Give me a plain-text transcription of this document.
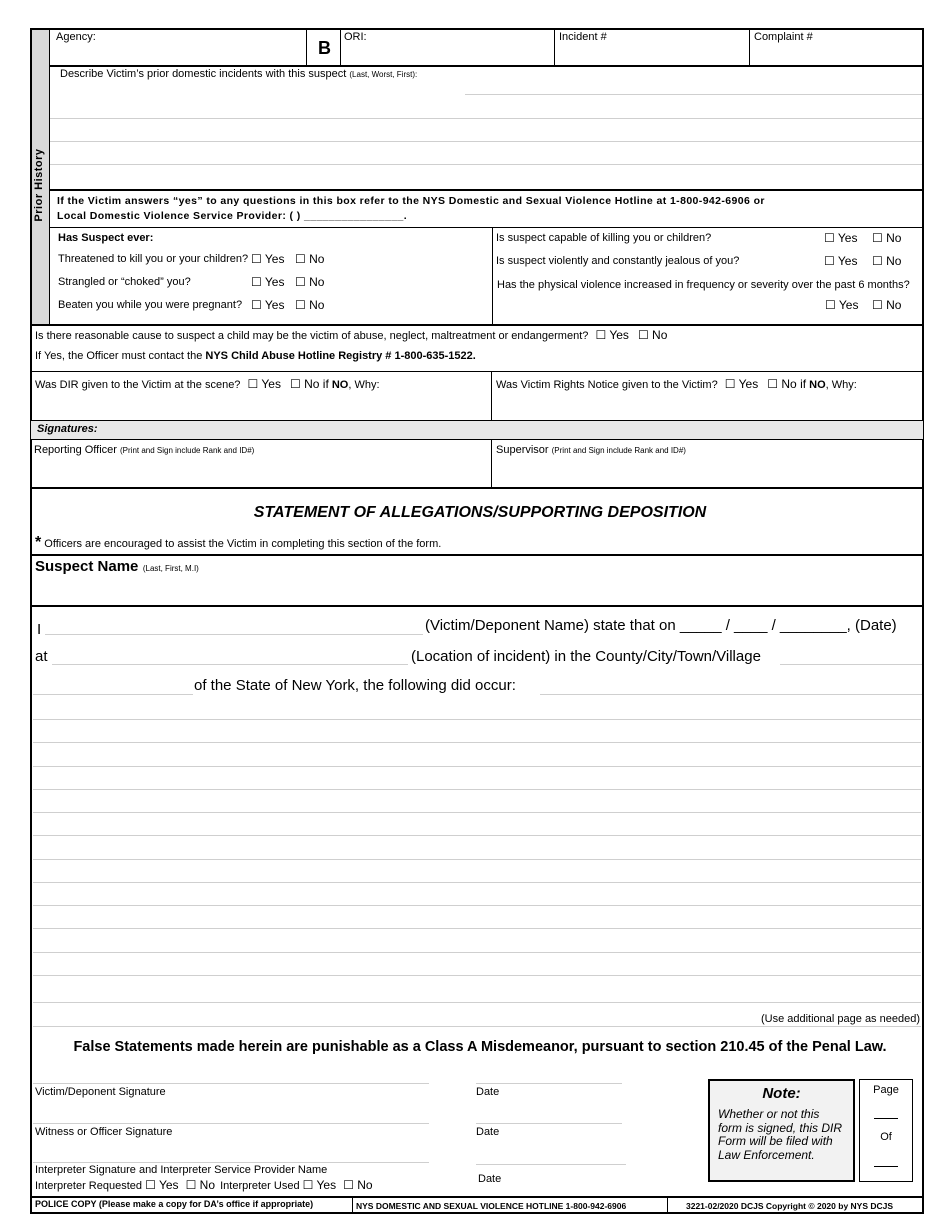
Prior History
Agency:
B
ORI:	Incident #	Complaint #
Describe Victim’s prior domestic incidents with this suspect (Last, Worst, First):
If the Victim answers “yes” to any questions in this box refer to the NYS Domestic and Sexual Violence Hotline at 1-800-942-6906 or
Local Domestic Violence Service Provider: ( ) ________________.
Has Suspect ever:
Threatened to kill you or your children? ☐ Yes ☐ No
Strangled or “choked” you?	☐ Yes ☐ No
Beaten you while you were pregnant? ☐ Yes ☐ No
Is suspect capable of killing you or children?	☐ Yes ☐ No
Is suspect violently and constantly jealous of you?	☐ Yes ☐ No
Has the physical violence increased in frequency or severity over the past 6 months?
☐ Yes ☐ No
Is there reasonable cause to suspect a child may be the victim of abuse, neglect, maltreatment or endangerment? ☐ Yes ☐ No
If Yes, the Officer must contact the NYS Child Abuse Hotline Registry # 1-800-635-1522.
Was DIR given to the Victim at the scene? ☐ Yes ☐ No if NO, Why:	Was Victim Rights Notice given to the Victim? ☐ Yes ☐ No if NO, Why:
Signatures:
Reporting Officer (Print and Sign include Rank and ID#)	Supervisor (Print and Sign include Rank and ID#)
STATEMENT OF ALLEGATIONS/SUPPORTING DEPOSITION
* Officers are encouraged to assist the Victim in completing this section of the form.
Suspect Name (Last, First, M.I)
I	(Victim/Deponent Name) state that on _____ / ____ / ________, (Date)
at	(Location of incident) in the County/City/Town/Village
of the State of New York, the following did occur:
(Use additional page as needed)
False Statements made herein are punishable as a Class A Misdemeanor, pursuant to section 210.45 of the Penal Law.
Victim/Deponent Signature	Date
Witness or Officer Signature	Date
Interpreter Signature and Interpreter Service Provider Name
Interpreter Requested ☐ Yes ☐ No Interpreter Used ☐ Yes ☐ No	Date
Note:
Whether or not this form is signed, this DIR Form will be filed with Law Enforcement.
Page
Of
POLICE COPY (Please make a copy for DA’s office if appropriate)	NYS DOMESTIC AND SEXUAL VIOLENCE HOTLINE 1-800-942-6906	3221-02/2020 DCJS Copyright © 2020 by NYS DCJS
